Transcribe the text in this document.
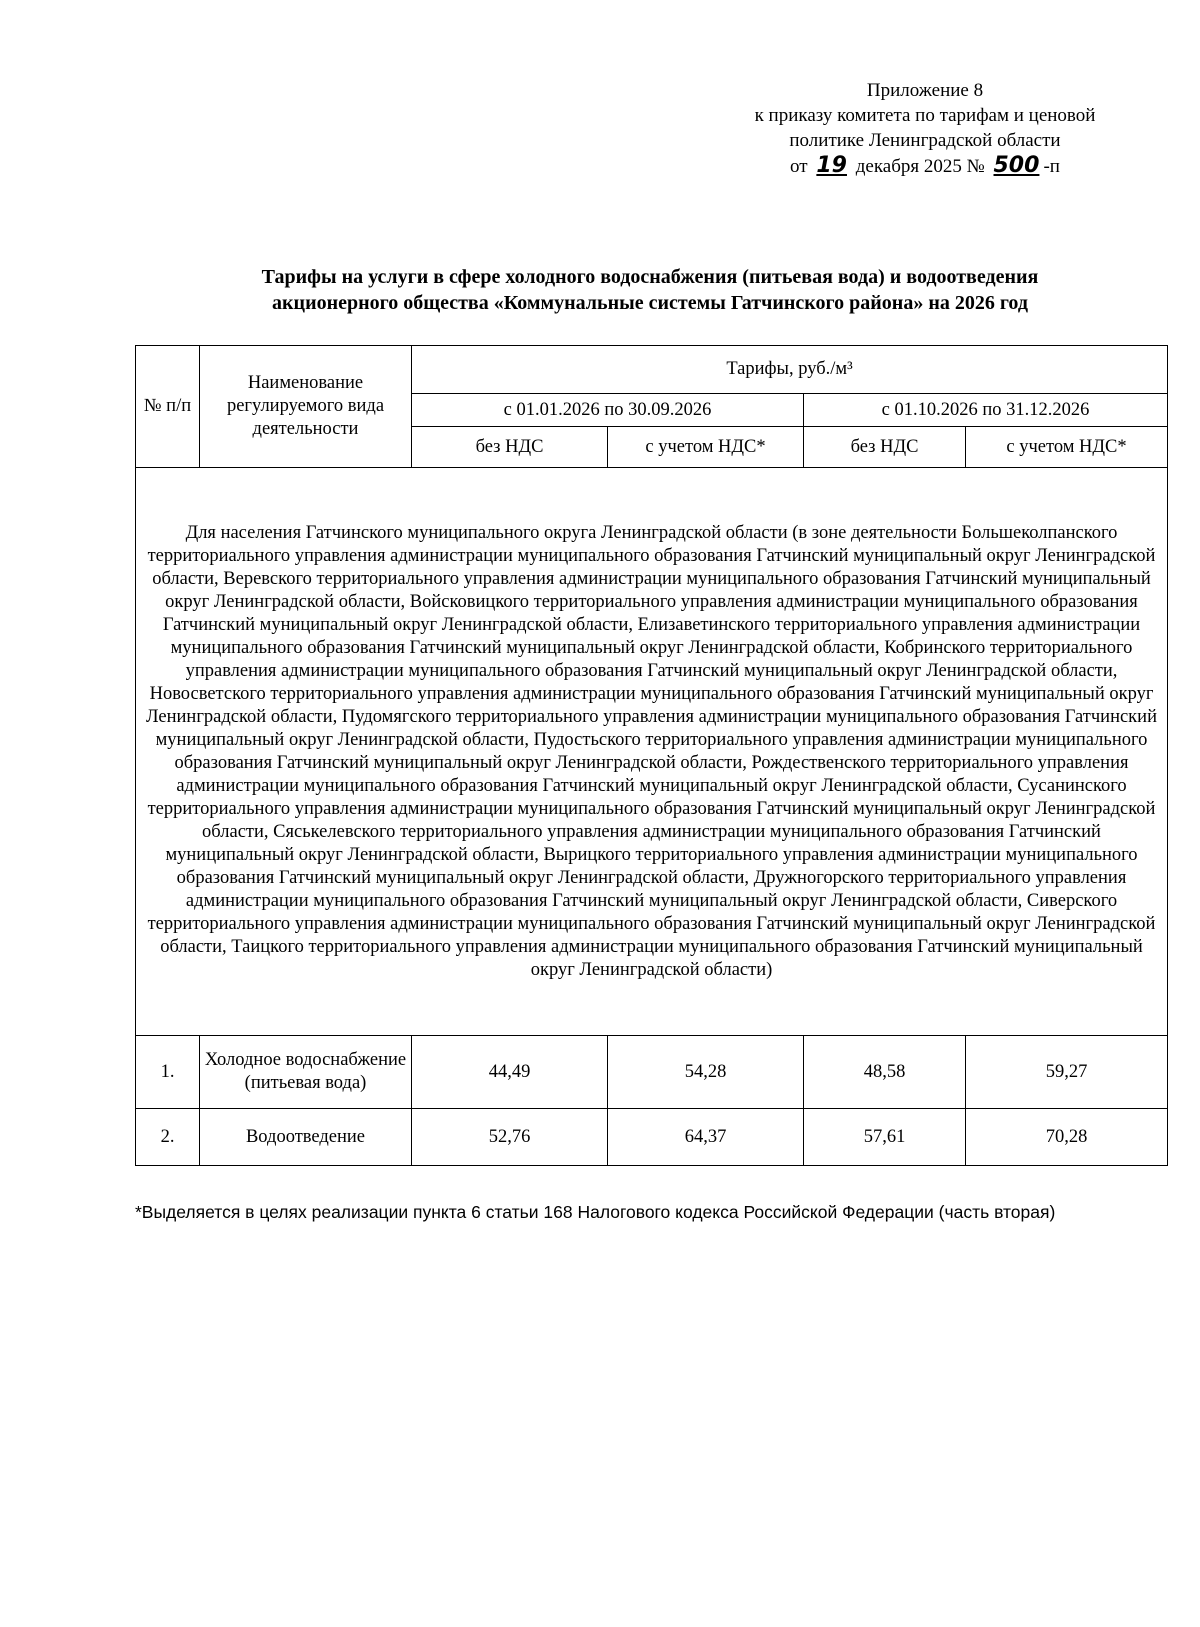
Приложение 8
к приказу комитета по тарифам и ценовой
политике Ленинградской области
от 19 декабря 2025 № 500 -п
Тарифы на услуги в сфере холодного водоснабжения (питьевая вода) и водоотведения
акционерного общества «Коммунальные системы Гатчинского района» на 2026 год
№ п/п	Наименование регулируемого вида деятельности	Тарифы, руб./м³			
		с 01.01.2026 по 30.09.2026		с 01.10.2026 по 31.12.2026	
		без НДС	с учетом НДС*	без НДС	с учетом НДС*
Для населения Гатчинского муниципального округа Ленинградской области (в зоне деятельности Большеколпанского территориального управления администрации муниципального образования Гатчинский муниципальный округ Ленинградской области, Веревского территориального управления администрации муниципального образования Гатчинский муниципальный округ Ленинградской области, Войсковицкого территориального управления администрации муниципального образования Гатчинский муниципальный округ Ленинградской области, Елизаветинского территориального управления администрации муниципального образования Гатчинский муниципальный округ Ленинградской области, Кобринского территориального управления администрации муниципального образования Гатчинский муниципальный округ Ленинградской области, Новосветского территориального управления администрации муниципального образования Гатчинский муниципальный округ Ленинградской области, Пудомягского территориального управления администрации муниципального образования Гатчинский муниципальный округ Ленинградской области, Пудостьского территориального управления администрации муниципального образования Гатчинский муниципальный округ Ленинградской области, Рождественского территориального управления администрации муниципального образования Гатчинский муниципальный округ Ленинградской области, Сусанинского территориального управления администрации муниципального образования Гатчинский муниципальный округ Ленинградской области, Сяськелевского территориального управления администрации муниципального образования Гатчинский муниципальный округ Ленинградской области, Вырицкого территориального управления администрации муниципального образования Гатчинский муниципальный округ Ленинградской области, Дружногорского территориального управления администрации муниципального образования Гатчинский муниципальный округ Ленинградской области, Сиверского территориального управления администрации муниципального образования Гатчинский муниципальный округ Ленинградской области, Таицкого территориального управления администрации муниципального образования Гатчинский муниципальный округ Ленинградской области)					
1.	Холодное водоснабжение (питьевая вода)	44,49	54,28	48,58	59,27
2.	Водоотведение	52,76	64,37	57,61	70,28
*Выделяется в целях реализации пункта 6 статьи 168 Налогового кодекса Российской Федерации (часть вторая)
